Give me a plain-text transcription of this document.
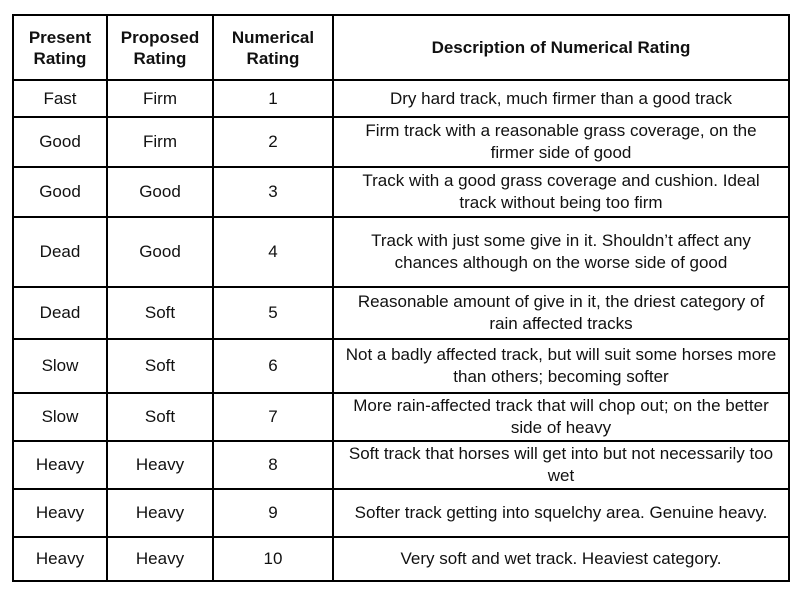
Present Rating	Proposed Rating	Numerical Rating	Description of Numerical Rating
Fast	Firm	1	Dry hard track, much firmer than a good track
Good	Firm	2	Firm track with a reasonable grass coverage, on the firmer side of good
Good	Good	3	Track with a good grass coverage and cushion. Ideal track without being too firm
Dead	Good	4	Track with just some give in it. Shouldn’t affect any chances although on the worse side of good
Dead	Soft	5	Reasonable amount of give in it, the driest category of rain affected tracks
Slow	Soft	6	Not a badly affected track, but will suit some horses more than others; becoming softer
Slow	Soft	7	More rain-affected track that will chop out; on the better side of heavy
Heavy	Heavy	8	Soft track that horses will get into but not necessarily too wet
Heavy	Heavy	9	Softer track getting into squelchy area. Genuine heavy.
Heavy	Heavy	10	Very soft and wet track. Heaviest category.
